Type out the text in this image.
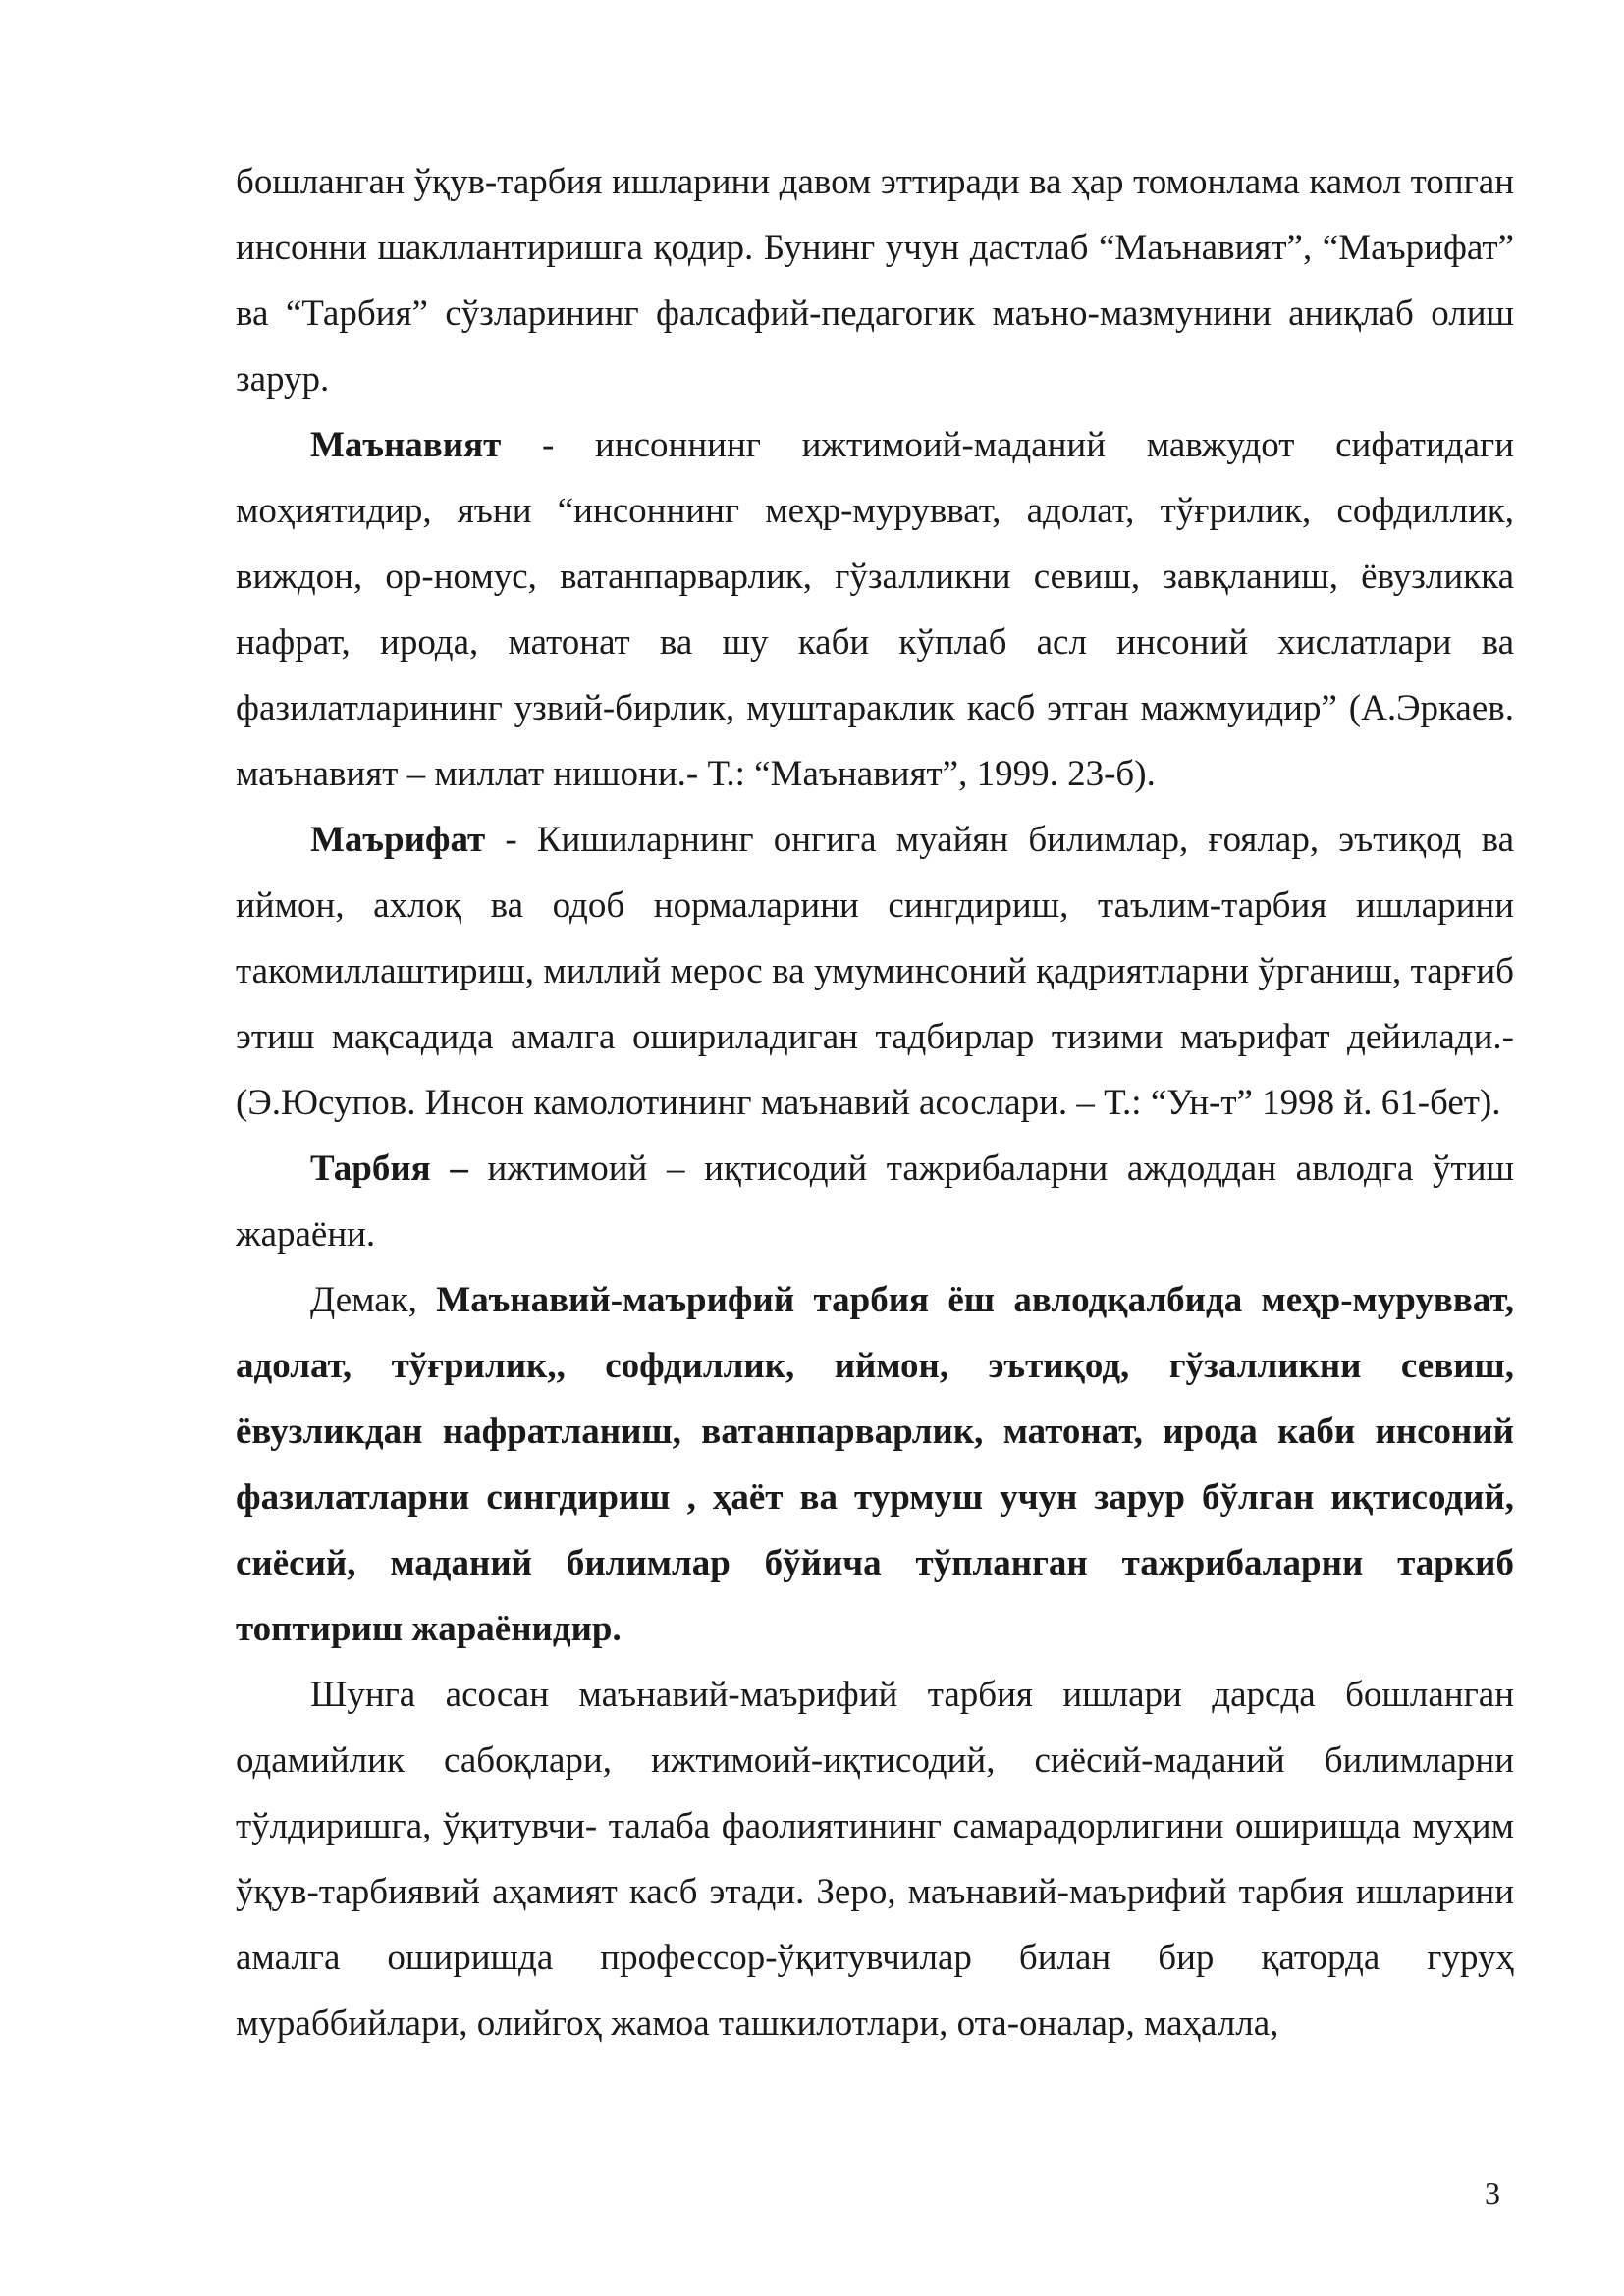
бошланган ўқув-тарбия ишларини давом эттиради ва ҳар томонлама камол топган инсонни шакллантиришга қодир. Бунинг учун дастлаб “Маънавият”, “Маърифат” ва “Тарбия” сўзларининг фалсафий-педагогик маъно-мазмунини аниқлаб олиш зарур.

Маънавият - инсоннинг ижтимоий-маданий мавжудот сифатидаги моҳиятидир, яъни “инсоннинг меҳр-мурувват, адолат, тўғрилик, софдиллик, виждон, ор-номус, ватанпарварлик, гўзалликни севиш, завқланиш, ёвузликка нафрат, ирода, матонат ва шу каби кўплаб асл инсоний хислатлари ва фазилатларининг узвий-бирлик, муштараклик касб этган мажмуидир” (А.Эркаев. маънавият – миллат нишони.- Т.: “Маънавият”, 1999. 23-б).

Маърифат - Кишиларнинг онгига муайян билимлар, ғоялар, эътиқод ва иймон, ахлоқ ва одоб нормаларини сингдириш, таълим-тарбия ишларини такомиллаштириш, миллий мерос ва умуминсоний қадриятларни ўрганиш, тарғиб этиш мақсадида амалга ошириладиган тадбирлар тизими маърифат дейилади.- (Э.Юсупов. Инсон камолотининг маънавий асослари. – Т.: “Ун-т” 1998 й. 61-бет).

Тарбия – ижтимоий – иқтисодий тажрибаларни аждоддан авлодга ўтиш жараёни.

Демак, Маънавий-маърифий тарбия ёш авлодқалбида меҳр-мурувват, адолат, тўғрилик,, софдиллик, иймон, эътиқод, гўзалликни севиш, ёвузликдан нафратланиш, ватанпарварлик, матонат, ирода каби инсоний фазилатларни сингдириш , ҳаёт ва турмуш учун зарур бўлган иқтисодий, сиёсий, маданий билимлар бўйича тўпланган тажрибаларни таркиб топтириш жараёнидир.

Шунга асосан маънавий-маърифий тарбия ишлари дарсда бошланган одамийлик сабоқлари, ижтимоий-иқтисодий, сиёсий-маданий билимларни тўлдиришга, ўқитувчи- талаба фаолиятининг самарадорлигини оширишда муҳим ўқув-тарбиявий аҳамият касб этади. Зеро, маънавий-маърифий тарбия ишларини амалга оширишда профессор-ўқитувчилар билан бир қаторда гуруҳ мураббийлари, олийгоҳ жамоа ташкилотлари, ота-оналар, маҳалла,

3
